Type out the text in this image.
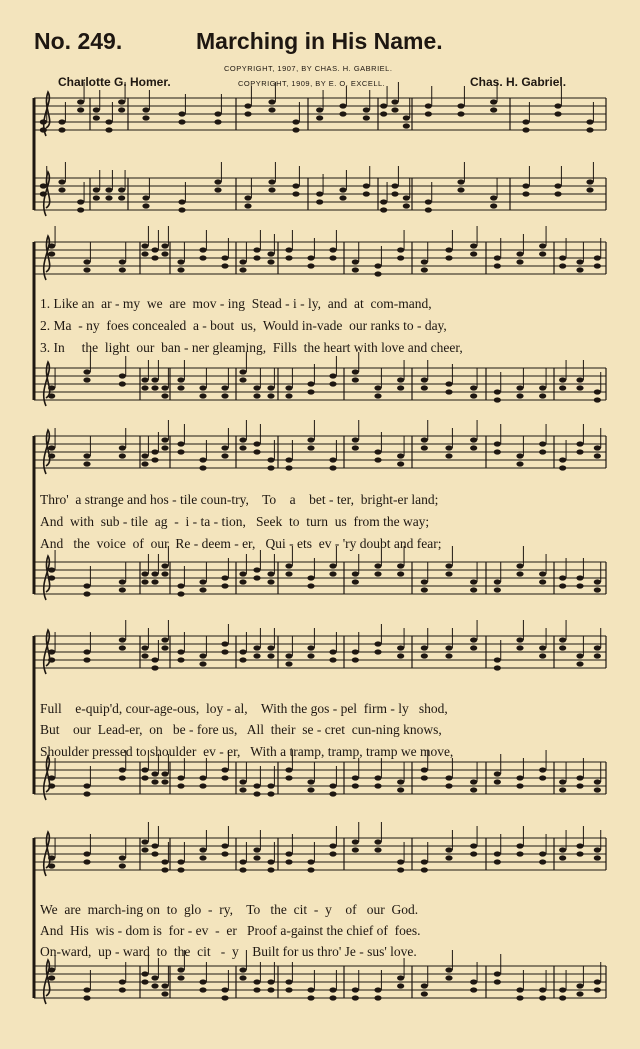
No. 249.	Marching in His Name.
COPYRIGHT, 1907, BY CHAS. H. GABRIEL.
COPYRIGHT, 1909, BY E. O. EXCELL.
Charlotte G. Homer.	Chas. H. Gabriel.
1. Like an  ar - my  we  are  mov - ing  Stead - i - ly,  and  at  com-mand,
2. Ma  - ny  foes concealed  a - bout  us,  Would in-vade  our ranks to - day,
3. In     the  light  our  ban - ner gleaming,  Fills  the heart with love and cheer,
Thro'  a strange and hos - tile coun-try,    To    a    bet - ter,  bright-er land;
And  with  sub - tile  ag  -  i - ta - tion,   Seek  to  turn  us  from the way;
And   the  voice  of  our  Re - deem - er,   Qui - ets  ev - 'ry doubt and fear;
Full    e-quip'd, cour-age-ous,  loy - al,    With the gos - pel  firm - ly   shod,
But    our  Lead-er,  on   be - fore us,   All  their  se - cret  cun-ning knows,
Shoulder pressed to shoulder  ev - er,   With a tramp, tramp, tramp we move,
We  are  march-ing on  to  glo  -  ry,    To   the  cit  -  y    of   our  God.
And  His  wis - dom is  for - ev  -  er   Proof a-gainst the chief of  foes.
On-ward,  up - ward  to  the  cit   -  y    Built for us thro' Je - sus' love.
